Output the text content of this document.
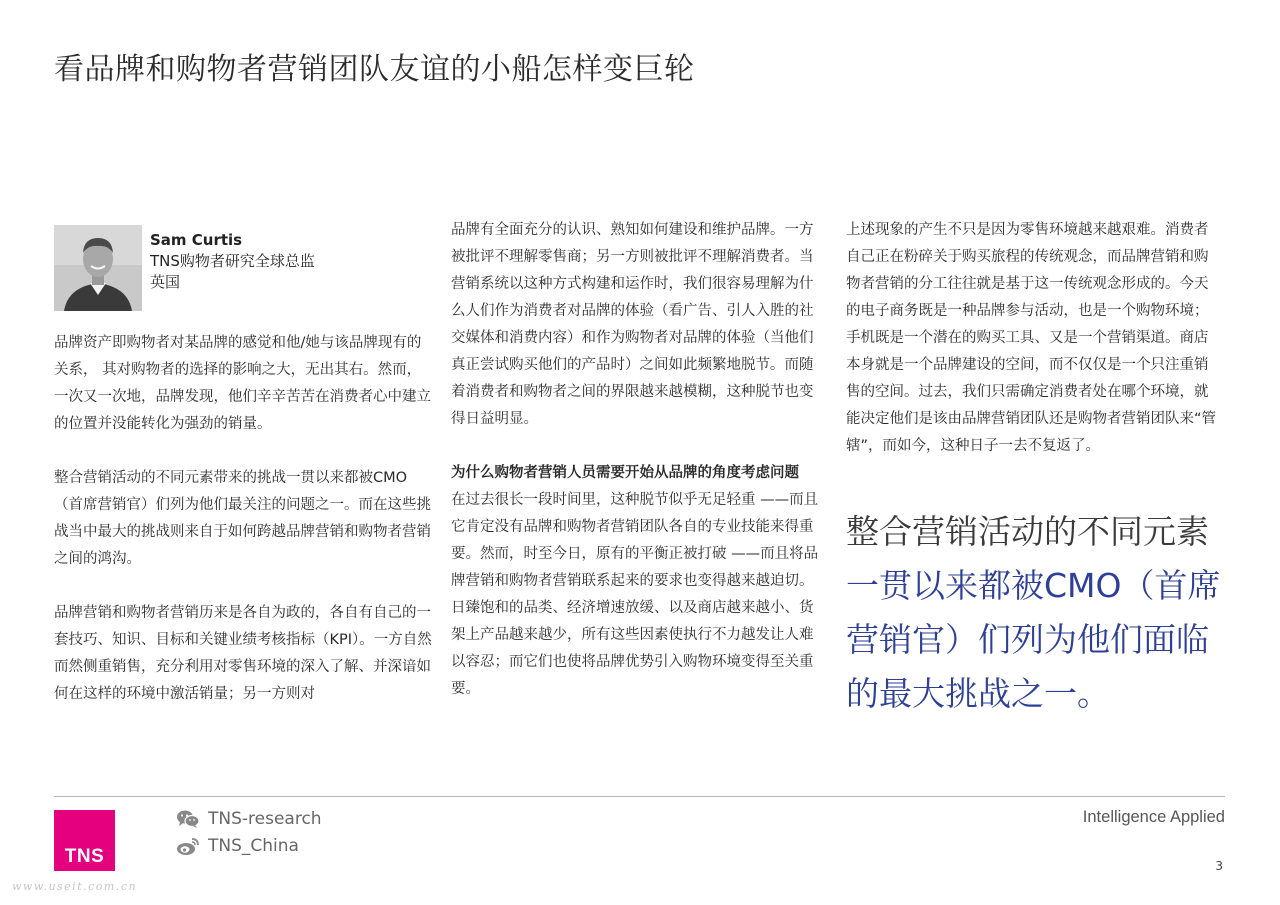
看品牌和购物者营销团队友谊的小船怎样变巨轮
Sam Curtis
TNS购物者研究全球总监
英国

品牌资产即购物者对某品牌的感觉和他/她与该品牌现有的关系， 其对购物者的选择的影响之大，无出其右。然而，一次又一次地，品牌发现，他们辛辛苦苦在消费者心中建立的位置并没能转化为强劲的销量。

整合营销活动的不同元素带来的挑战一贯以来都被CMO（首席营销官）们列为他们最关注的问题之一。而在这些挑战当中最大的挑战则来自于如何跨越品牌营销和购物者营销之间的鸿沟。

品牌营销和购物者营销历来是各自为政的，各自有自己的一套技巧、知识、目标和关键业绩考核指标（KPI）。一方自然而然侧重销售，充分利用对零售环境的深入了解、并深谙如何在这样的环境中激活销量；另一方则对

品牌有全面充分的认识、熟知如何建设和维护品牌。一方被批评不理解零售商；另一方则被批评不理解消费者。当营销系统以这种方式构建和运作时，我们很容易理解为什么人们作为消费者对品牌的体验（看广告、引人入胜的社交媒体和消费内容）和作为购物者对品牌的体验（当他们真正尝试购买他们的产品时）之间如此频繁地脱节。而随着消费者和购物者之间的界限越来越模糊，这种脱节也变得日益明显。

为什么购物者营销人员需要开始从品牌的角度考虑问题

在过去很长一段时间里，这种脱节似乎无足轻重 ——而且它肯定没有品牌和购物者营销团队各自的专业技能来得重要。然而，时至今日，原有的平衡正被打破 ——而且将品牌营销和购物者营销联系起来的要求也变得越来越迫切。日臻饱和的品类、经济增速放缓、以及商店越来越小、货架上产品越来越少，所有这些因素使执行不力越发让人难以容忍；而它们也使将品牌优势引入购物环境变得至关重要。

上述现象的产生不只是因为零售环境越来越艰难。消费者自己正在粉碎关于购买旅程的传统观念，而品牌营销和购物者营销的分工往往就是基于这一传统观念形成的。今天的电子商务既是一种品牌参与活动，也是一个购物环境；手机既是一个潜在的购买工具、又是一个营销渠道。商店本身就是一个品牌建设的空间，而不仅仅是一个只注重销售的空间。过去，我们只需确定消费者处在哪个环境，就能决定他们是该由品牌营销团队还是购物者营销团队来“管辖”，而如今，这种日子一去不复返了。

整合营销活动的不同元素一贯以来都被CMO（首席营销官）们列为他们面临的最大挑战之一。
TNS
TNS-research
TNS_China
Intelligence Applied
3
www.useit.com.cn
